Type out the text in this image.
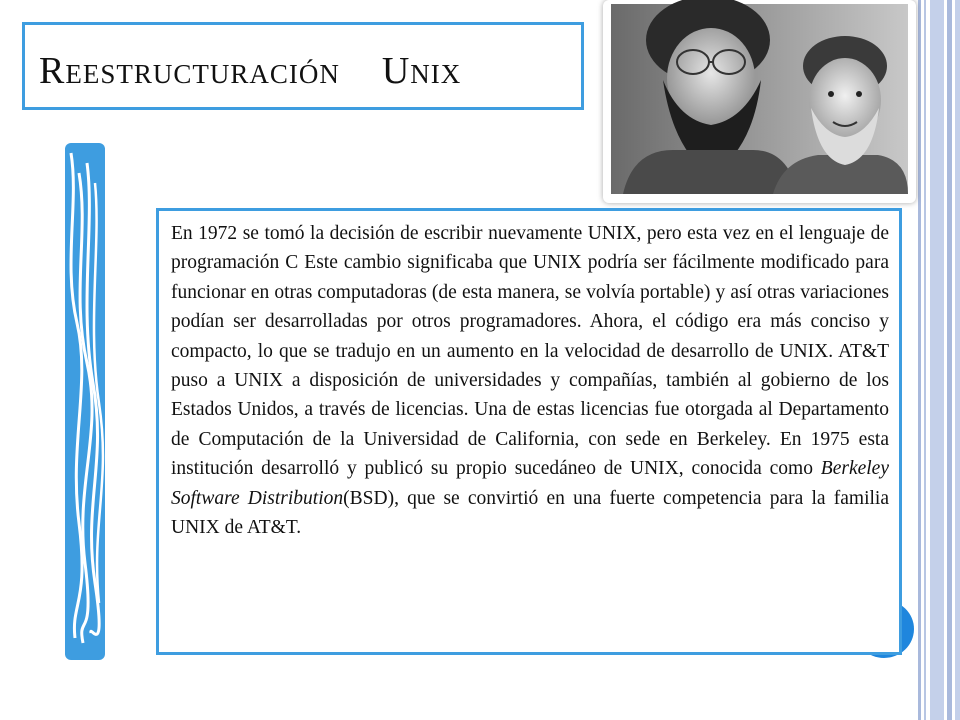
Reestructuración    Unix

En 1972 se tomó la decisión de escribir nuevamente UNIX, pero esta vez en el lenguaje de programación C Este cambio significaba que UNIX podría ser fácilmente modificado para funcionar en otras computadoras (de esta manera, se volvía portable) y así otras variaciones podían ser desarrolladas por otros programadores. Ahora, el código era más conciso y compacto, lo que se tradujo en un aumento en la velocidad de desarrollo de UNIX. AT&T puso a UNIX a disposición de universidades y compañías, también al gobierno de los Estados Unidos, a través de licencias. Una de estas licencias fue otorgada al Departamento de Computación de la Universidad de California, con sede en Berkeley. En 1975 esta institución desarrolló y publicó su propio sucedáneo de UNIX, conocida como Berkeley Software Distribution(BSD), que se convirtió en una fuerte competencia para la familia UNIX de AT&T.
